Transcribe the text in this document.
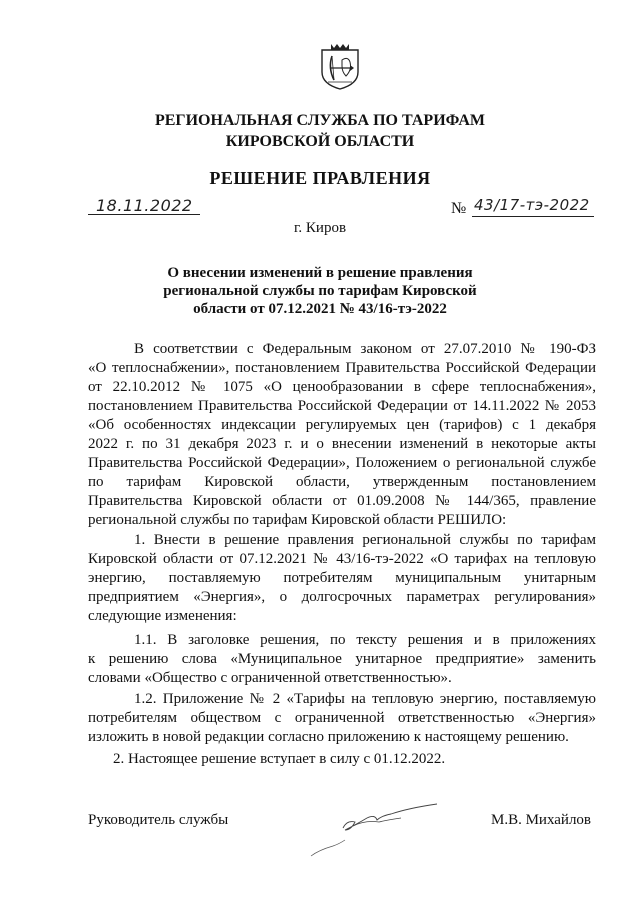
РЕГИОНАЛЬНАЯ СЛУЖБА ПО ТАРИФАМ
КИРОВСКОЙ ОБЛАСТИ
РЕШЕНИЕ ПРАВЛЕНИЯ
18.11.2022	№ 43/17-тэ-2022
г. Киров
О внесении изменений в решение правления
региональной службы по тарифам Кировской
области от 07.12.2021 № 43/16-тэ-2022
В соответствии с Федеральным законом от 27.07.2010 № 190-ФЗ
«О теплоснабжении», постановлением Правительства Российской Федерации
от 22.10.2012 № 1075 «О ценообразовании в сфере теплоснабжения»,
постановлением Правительства Российской Федерации от 14.11.2022 № 2053
«Об особенностях индексации регулируемых цен (тарифов) с 1 декабря
2022 г. по 31 декабря 2023 г. и о внесении изменений в некоторые акты
Правительства Российской Федерации», Положением о региональной службе
по тарифам Кировской области, утвержденным постановлением
Правительства Кировской области от 01.09.2008 № 144/365, правление
региональной службы по тарифам Кировской области РЕШИЛО:
1. Внести в решение правления региональной службы по тарифам
Кировской области от 07.12.2021 № 43/16-тэ-2022 «О тарифах на тепловую
энергию, поставляемую потребителям муниципальным унитарным
предприятием «Энергия», о долгосрочных параметрах регулирования»
следующие изменения:
1.1. В заголовке решения, по тексту решения и в приложениях
к решению слова «Муниципальное унитарное предприятие» заменить
словами «Общество с ограниченной ответственностью».
1.2. Приложение № 2 «Тарифы на тепловую энергию, поставляемую
потребителям обществом с ограниченной ответственностью «Энергия»
изложить в новой редакции согласно приложению к настоящему решению.
2. Настоящее решение вступает в силу с 01.12.2022.
Руководитель службы	М.В. Михайлов
